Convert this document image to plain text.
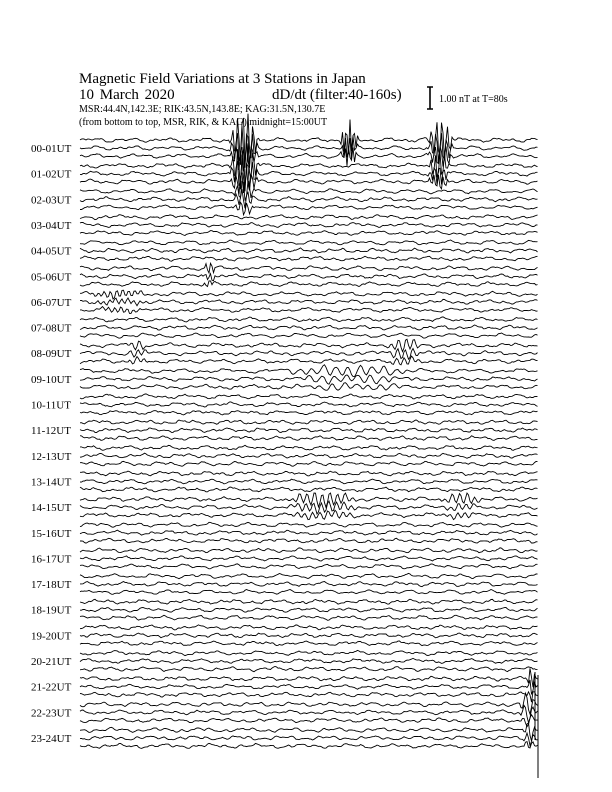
Magnetic Field Variations at 3 Stations in Japan
10 March 2020	dD/dt (filter:40-160s)
MSR:44.4N,142.3E; RIK:43.5N,143.8E; KAG:31.5N,130.7E
(from bottom to top, MSR, RIK, & KAG) midnight=15:00UT
1.00 nT at T=80s
00-01UT
01-02UT
02-03UT
03-04UT
04-05UT
05-06UT
06-07UT
07-08UT
08-09UT
09-10UT
10-11UT
11-12UT
12-13UT
13-14UT
14-15UT
15-16UT
16-17UT
17-18UT
18-19UT
19-20UT
20-21UT
21-22UT
22-23UT
23-24UT
